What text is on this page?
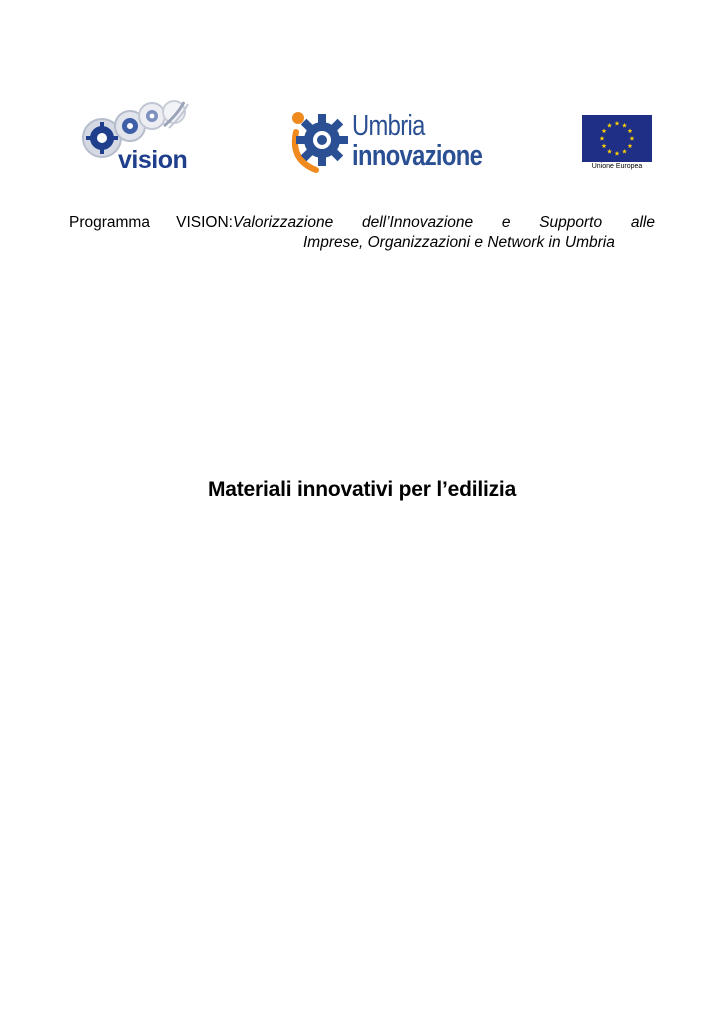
vision
Umbria
innovazione	Unione Europea
Programma VISION: Valorizzazione dell’Innovazione e Supporto alle
Imprese, Organizzazioni e Network in Umbria
Materiali innovativi per l’edilizia
